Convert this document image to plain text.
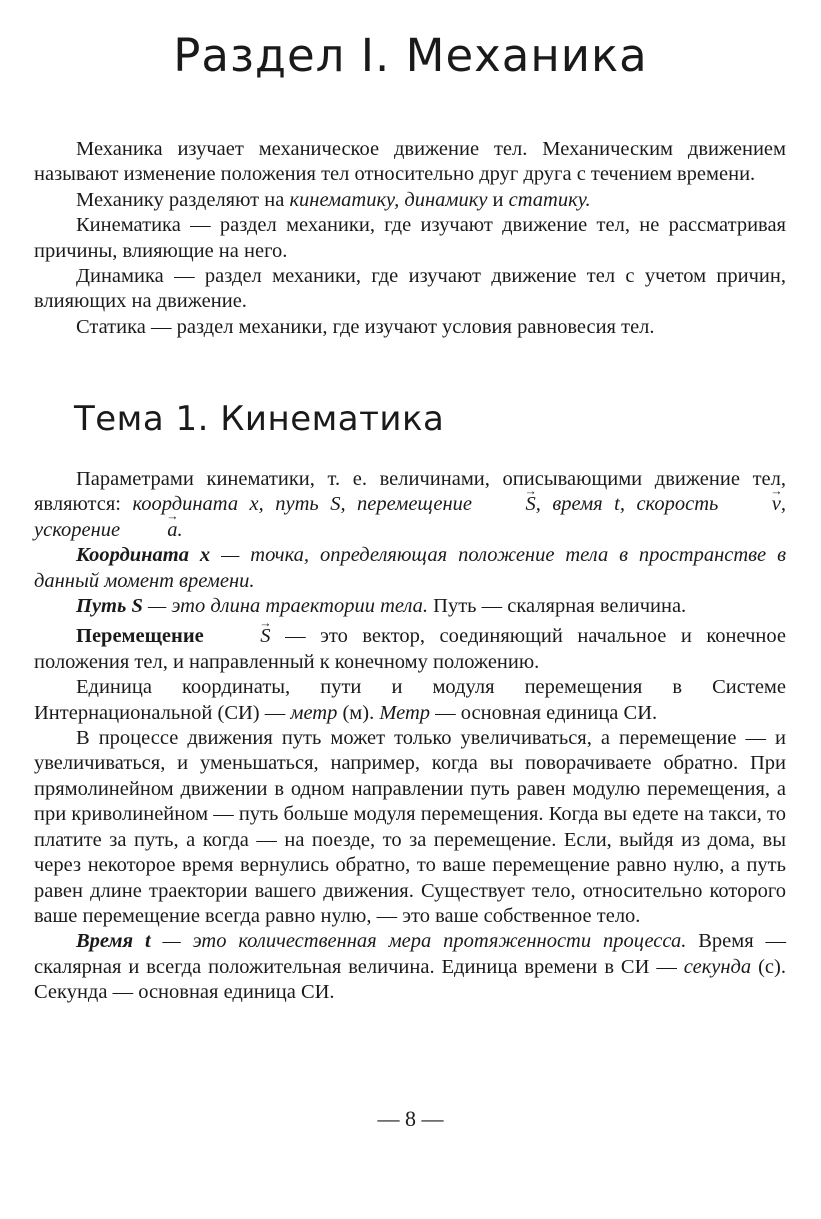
Раздел I. Механика

Механика изучает механическое движение тел. Механическим движением называют изменение положения тел относительно друг друга с течением времени.

Механику разделяют на кинематику, динамику и статику.

Кинематика — раздел механики, где изучают движение тел, не рассматривая причины, влияющие на него.

Динамика — раздел механики, где изучают движение тел с учетом причин, влияющих на движение.

Статика — раздел механики, где изучают условия равновесия тел.

Тема 1. Кинематика

Параметрами кинематики, т. е. величинами, описывающими движение тел, являются: координата x, путь S, перемещение → S, время t, скорость → v, ускорение → a.

Координата x — точка, определяющая положение тела в пространстве в данный момент времени.

Путь S — это длина траектории тела. Путь — скалярная величина.

Перемещение → S — это вектор, соединяющий начальное и конечное положения тел, и направленный к конечному положению.

Единица координаты, пути и модуля перемещения в Системе Интернациональной (СИ) — метр (м). Метр — основная единица СИ.

В процессе движения путь может только увеличиваться, а перемещение — и увеличиваться, и уменьшаться, например, когда вы поворачиваете обратно. При прямолинейном движении в одном направлении путь равен модулю перемещения, а при криволинейном — путь больше модуля перемещения. Когда вы едете на такси, то платите за путь, а когда — на поезде, то за перемещение. Если, выйдя из дома, вы через некоторое время вернулись обратно, то ваше перемещение равно нулю, а путь равен длине траектории вашего движения. Существует тело, относительно которого ваше перемещение всегда равно нулю, — это ваше собственное тело.

Время t — это количественная мера протяженности процесса. Время — скалярная и всегда положительная величина. Единица времени в СИ — секунда (с). Секунда — основная единица СИ.

— 8 —
